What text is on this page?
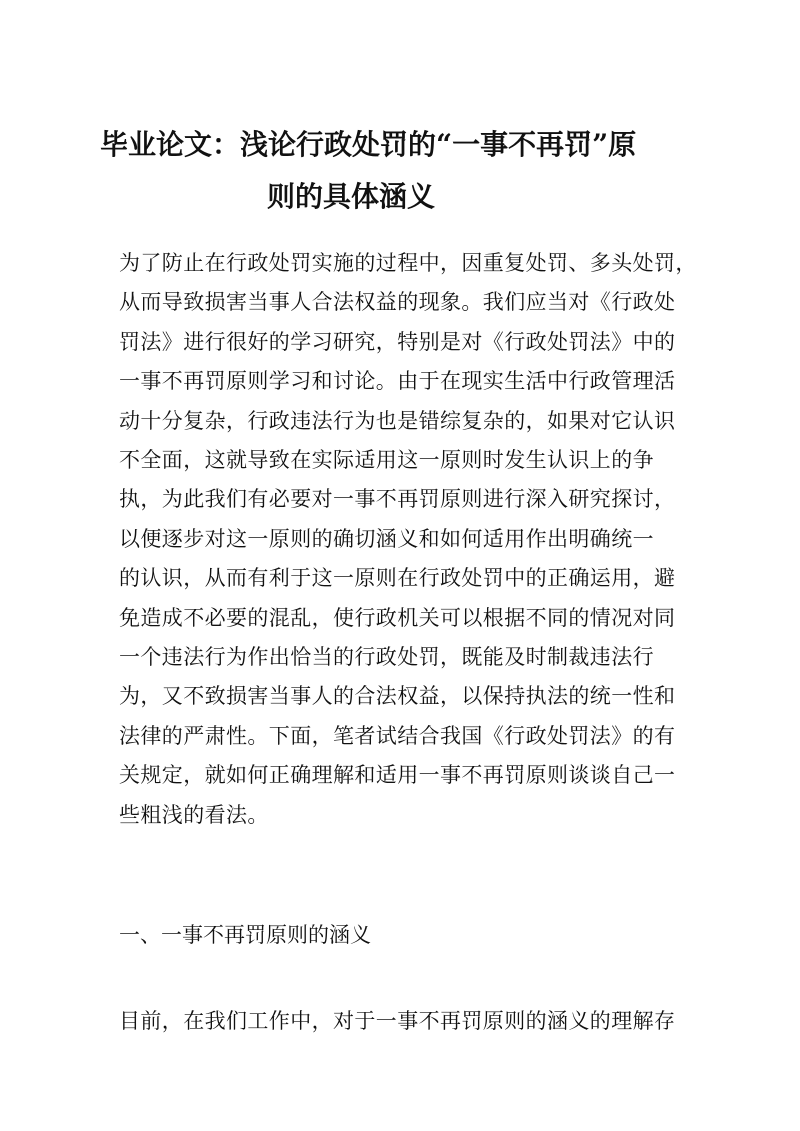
毕业论文：浅论行政处罚的“一事不再罚”原
则的具体涵义

为了防止在行政处罚实施的过程中，因重复处罚、多头处罚，
从而导致损害当事人合法权益的现象。我们应当对《行政处
罚法》进行很好的学习研究，特别是对《行政处罚法》中的
一事不再罚原则学习和讨论。由于在现实生活中行政管理活
动十分复杂，行政违法行为也是错综复杂的，如果对它认识
不全面，这就导致在实际适用这一原则时发生认识上的争
执，为此我们有必要对一事不再罚原则进行深入研究探讨，
以便逐步对这一原则的确切涵义和如何适用作出明确统一
的认识，从而有利于这一原则在行政处罚中的正确运用，避
免造成不必要的混乱，使行政机关可以根据不同的情况对同
一个违法行为作出恰当的行政处罚，既能及时制裁违法行
为，又不致损害当事人的合法权益，以保持执法的统一性和
法律的严肃性。下面，笔者试结合我国《行政处罚法》的有
关规定，就如何正确理解和适用一事不再罚原则谈谈自己一
些粗浅的看法。

一、一事不再罚原则的涵义

目前，在我们工作中，对于一事不再罚原则的涵义的理解存
